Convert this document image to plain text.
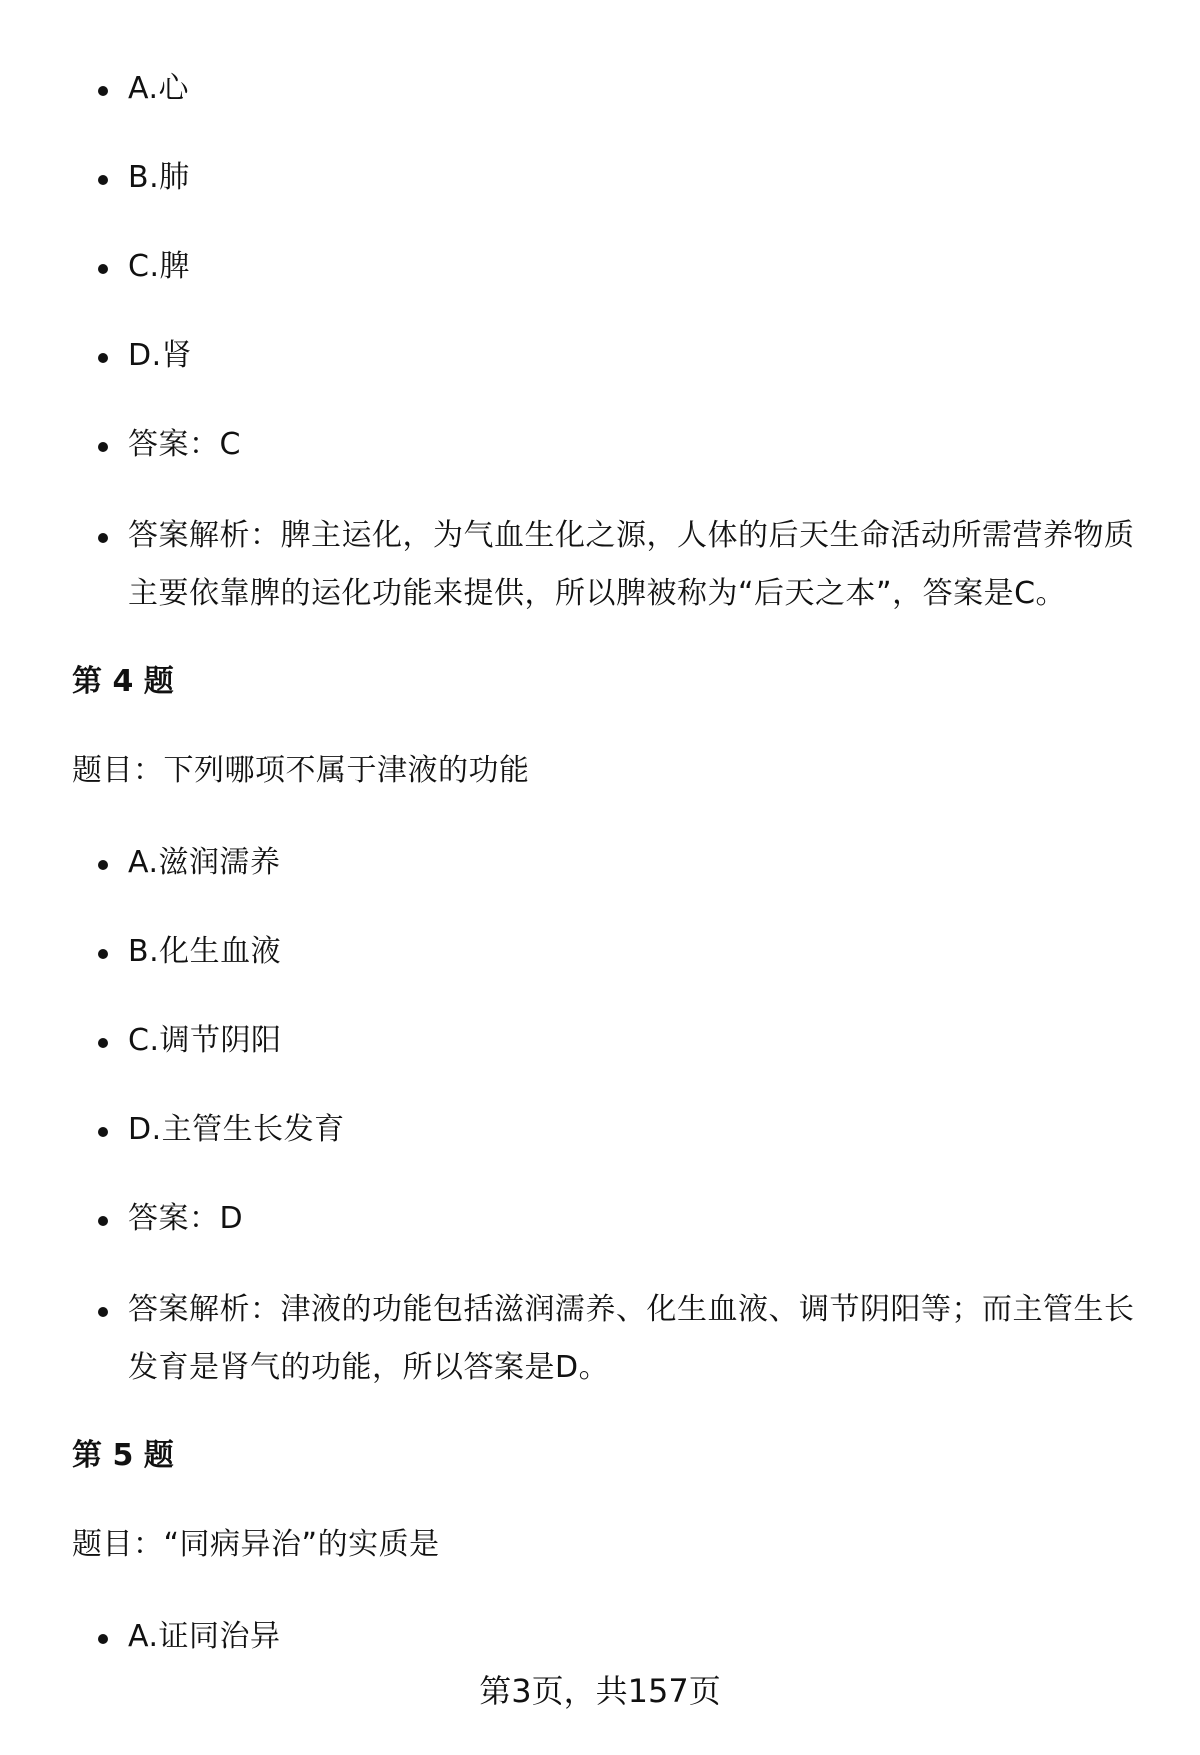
A.心
B.肺
C.脾
D.肾
答案：C
答案解析：脾主运化，为气血生化之源，人体的后天生命活动所需营养物质主要依靠脾的运化功能来提供，所以脾被称为“后天之本”，答案是C。
第 4 题
题目：下列哪项不属于津液的功能
A.滋润濡养
B.化生血液
C.调节阴阳
D.主管生长发育
答案：D
答案解析：津液的功能包括滋润濡养、化生血液、调节阴阳等；而主管生长发育是肾气的功能，所以答案是D。
第 5 题
题目：“同病异治”的实质是
A.证同治异
第3页，共157页
